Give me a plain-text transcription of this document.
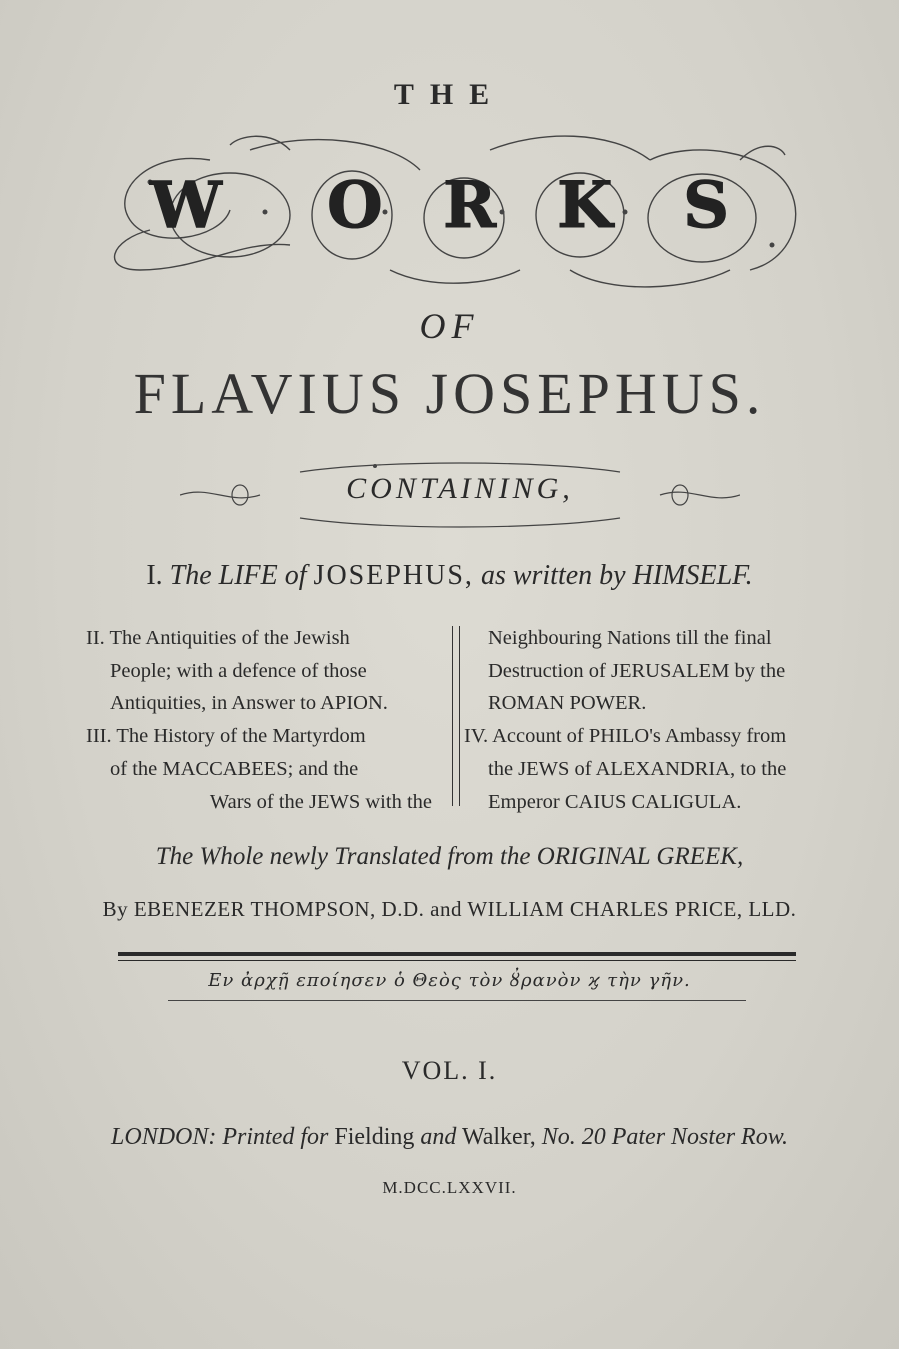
THE
W O R K S
OF
FLAVIUS JOSEPHUS.
CONTAINING,
I. The LIFE of JOSEPHUS, as written by HIMSELF.
II. The Antiquities of the Jewish
People; with a defence of those
Antiquities, in Answer to APION.
III. The History of the Martyrdom
of the MACCABEES; and the
Wars of the JEWS with the
Neighbouring Nations till the final
Destruction of JERUSALEM by the
ROMAN POWER.
IV. Account of PHILO's Ambassy from
the JEWS of ALEXANDRIA, to the
Emperor CAIUS CALIGULA.
The Whole newly Translated from the ORIGINAL GREEK,
By EBENEZER THOMPSON, D.D. and WILLIAM CHARLES PRICE, LLD.
Εν ἀρχῇ εποίησεν ὁ Θεὸς τὸν ȣ̓ρανὸν ϗ τὴν γῆν.
VOL. I.
LONDON: Printed for Fielding and Walker, No. 20 Pater Noster Row.
M.DCC.LXXVII.
